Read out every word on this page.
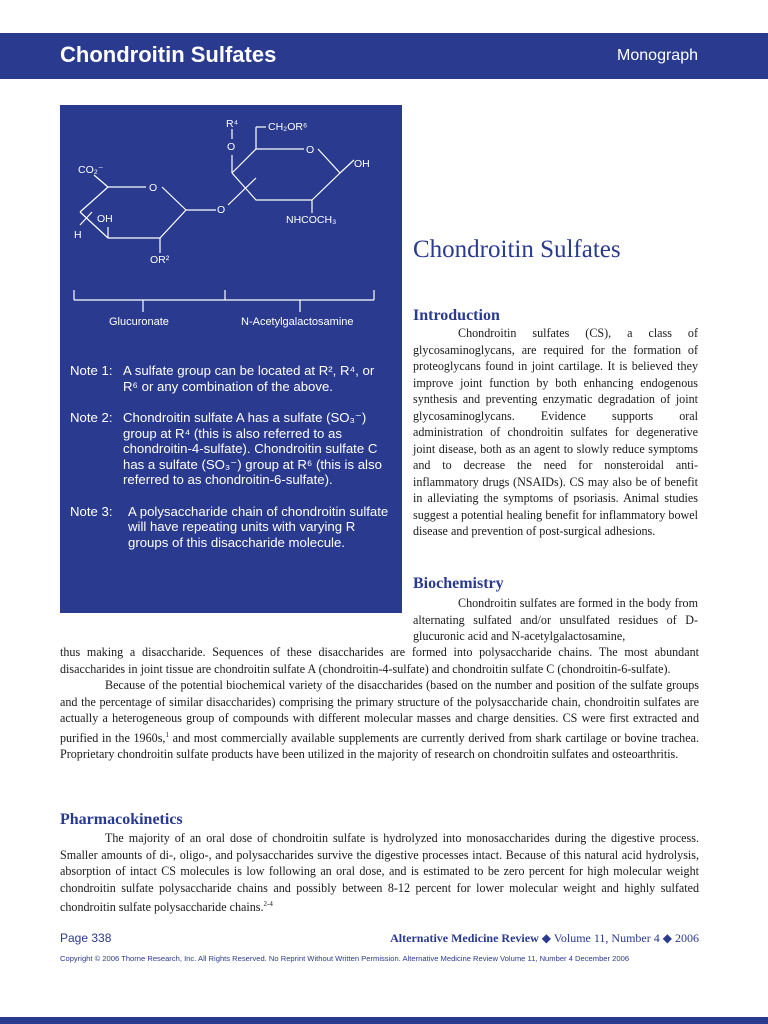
Chondroitin Sulfates	Monograph
CO₂⁻
OH
H
OR²
O
O
O
R⁴
O
CH₂OR⁶
OH
NHCOCH₃
Glucuronate	N-Acetylgalactosamine
Note 1: A sulfate group can be located at R², R⁴, or R⁶ or any combination of the above.
Note 2: Chondroitin sulfate A has a sulfate (SO₃⁻) group at R⁴ (this is also referred to as chondroitin-4-sulfate). Chondroitin sulfate C has a sulfate (SO₃⁻) group at R⁶ (this is also referred to as chondroitin-6-sulfate).
Note 3: A polysaccharide chain of chondroitin sulfate will have repeating units with varying R groups of this disaccharide molecule.
Chondroitin Sulfates
Introduction

Chondroitin sulfates (CS), a class of glycosaminoglycans, are required for the formation of proteoglycans found in joint cartilage. It is believed they improve joint function by both enhancing endogenous synthesis and preventing enzymatic degradation of joint glycosaminoglycans. Evidence supports oral administration of chondroitin sulfates for degenerative joint disease, both as an agent to slowly reduce symptoms and to decrease the need for nonsteroidal anti-inflammatory drugs (NSAIDs). CS may also be of benefit in alleviating the symptoms of psoriasis. Animal studies suggest a potential healing benefit for inflammatory bowel disease and prevention of post-surgical adhesions.

Biochemistry

Chondroitin sulfates are formed in the body from alternating sulfated and/or unsulfated residues of D-glucuronic acid and N-acetylgalactosamine,

thus making a disaccharide. Sequences of these disaccharides are formed into polysaccharide chains. The most abundant disaccharides in joint tissue are chondroitin sulfate A (chondroitin-4-sulfate) and chondroitin sulfate C (chondroitin-6-sulfate).

Because of the potential biochemical variety of the disaccharides (based on the number and position of the sulfate groups and the percentage of similar disaccharides) comprising the primary structure of the polysaccharide chain, chondroitin sulfates are actually a heterogeneous group of compounds with different molecular masses and charge densities. CS were first extracted and purified in the 1960s,$^1$ and most commercially available supplements are currently derived from shark cartilage or bovine trachea. Proprietary chondroitin sulfate products have been utilized in the majority of research on chondroitin sulfates and osteoarthritis.

Pharmacokinetics

The majority of an oral dose of chondroitin sulfate is hydrolyzed into monosaccharides during the digestive process. Smaller amounts of di-, oligo-, and polysaccharides survive the digestive processes intact. Because of this natural acid hydrolysis, absorption of intact CS molecules is low following an oral dose, and is estimated to be zero percent for high molecular weight chondroitin sulfate polysaccharide chains and possibly between 8-12 percent for lower molecular weight and highly sulfated chondroitin sulfate polysaccharide chains.$^{2-4}$

Page 338	Alternative Medicine Review ◆ Volume 11, Number 4 ◆ 2006
Copyright © 2006 Thorne Research, Inc. All Rights Reserved. No Reprint Without Written Permission. Alternative Medicine Review Volume 11, Number 4 December 2006
